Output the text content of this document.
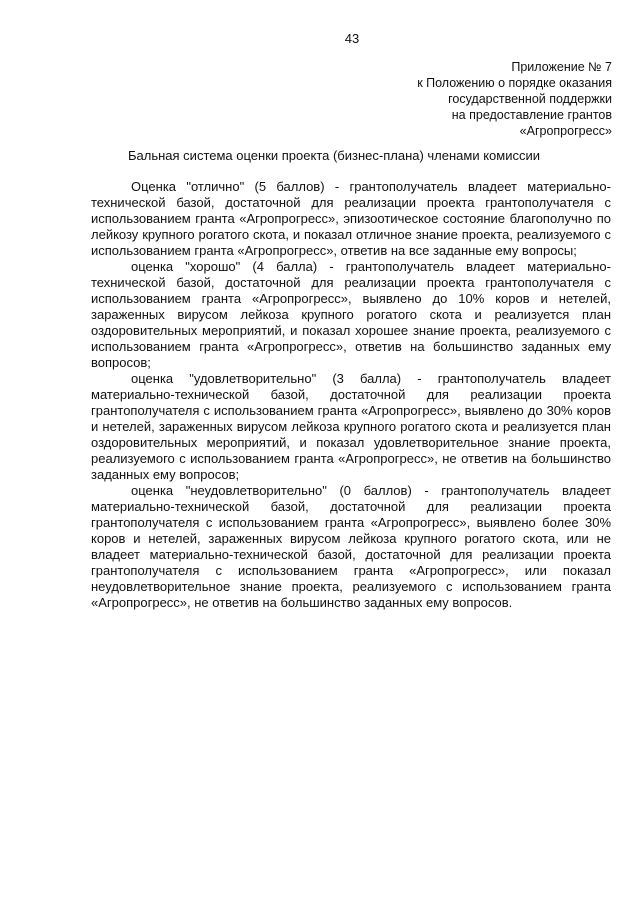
43
Приложение № 7
к Положению о порядке оказания
государственной поддержки
на предоставление грантов
«Агропрогресс»
Бальная система оценки проекта (бизнес-плана) членами комиссии

Оценка "отлично" (5 баллов) - грантополучатель владеет материально-технической базой, достаточной для реализации проекта грантополучателя с использованием гранта «Агропрогресс», эпизоотическое состояние благополучно по лейкозу крупного рогатого скота, и показал отличное знание проекта, реализуемого с использованием гранта «Агропрогресс», ответив на все заданные ему вопросы;

оценка "хорошо" (4 балла) - грантополучатель владеет материально-технической базой, достаточной для реализации проекта грантополучателя с использованием гранта «Агропрогресс», выявлено до 10% коров и нетелей, зараженных вирусом лейкоза крупного рогатого скота и реализуется план оздоровительных мероприятий, и показал хорошее знание проекта, реализуемого с использованием гранта «Агропрогресс», ответив на большинство заданных ему вопросов;

оценка "удовлетворительно" (3 балла) - грантополучатель владеет материально-технической базой, достаточной для реализации проекта грантополучателя с использованием гранта «Агропрогресс», выявлено до 30% коров и нетелей, зараженных вирусом лейкоза крупного рогатого скота и реализуется план оздоровительных мероприятий, и показал удовлетворительное знание проекта, реализуемого с использованием гранта «Агропрогресс», не ответив на большинство заданных ему вопросов;

оценка "неудовлетворительно" (0 баллов) - грантополучатель владеет материально-технической базой, достаточной для реализации проекта грантополучателя с использованием гранта «Агропрогресс», выявлено более 30% коров и нетелей, зараженных вирусом лейкоза крупного рогатого скота, или не владеет материально-технической базой, достаточной для реализации проекта грантополучателя с использованием гранта «Агропрогресс», или показал неудовлетворительное знание проекта, реализуемого с использованием гранта «Агропрогресс», не ответив на большинство заданных ему вопросов.
